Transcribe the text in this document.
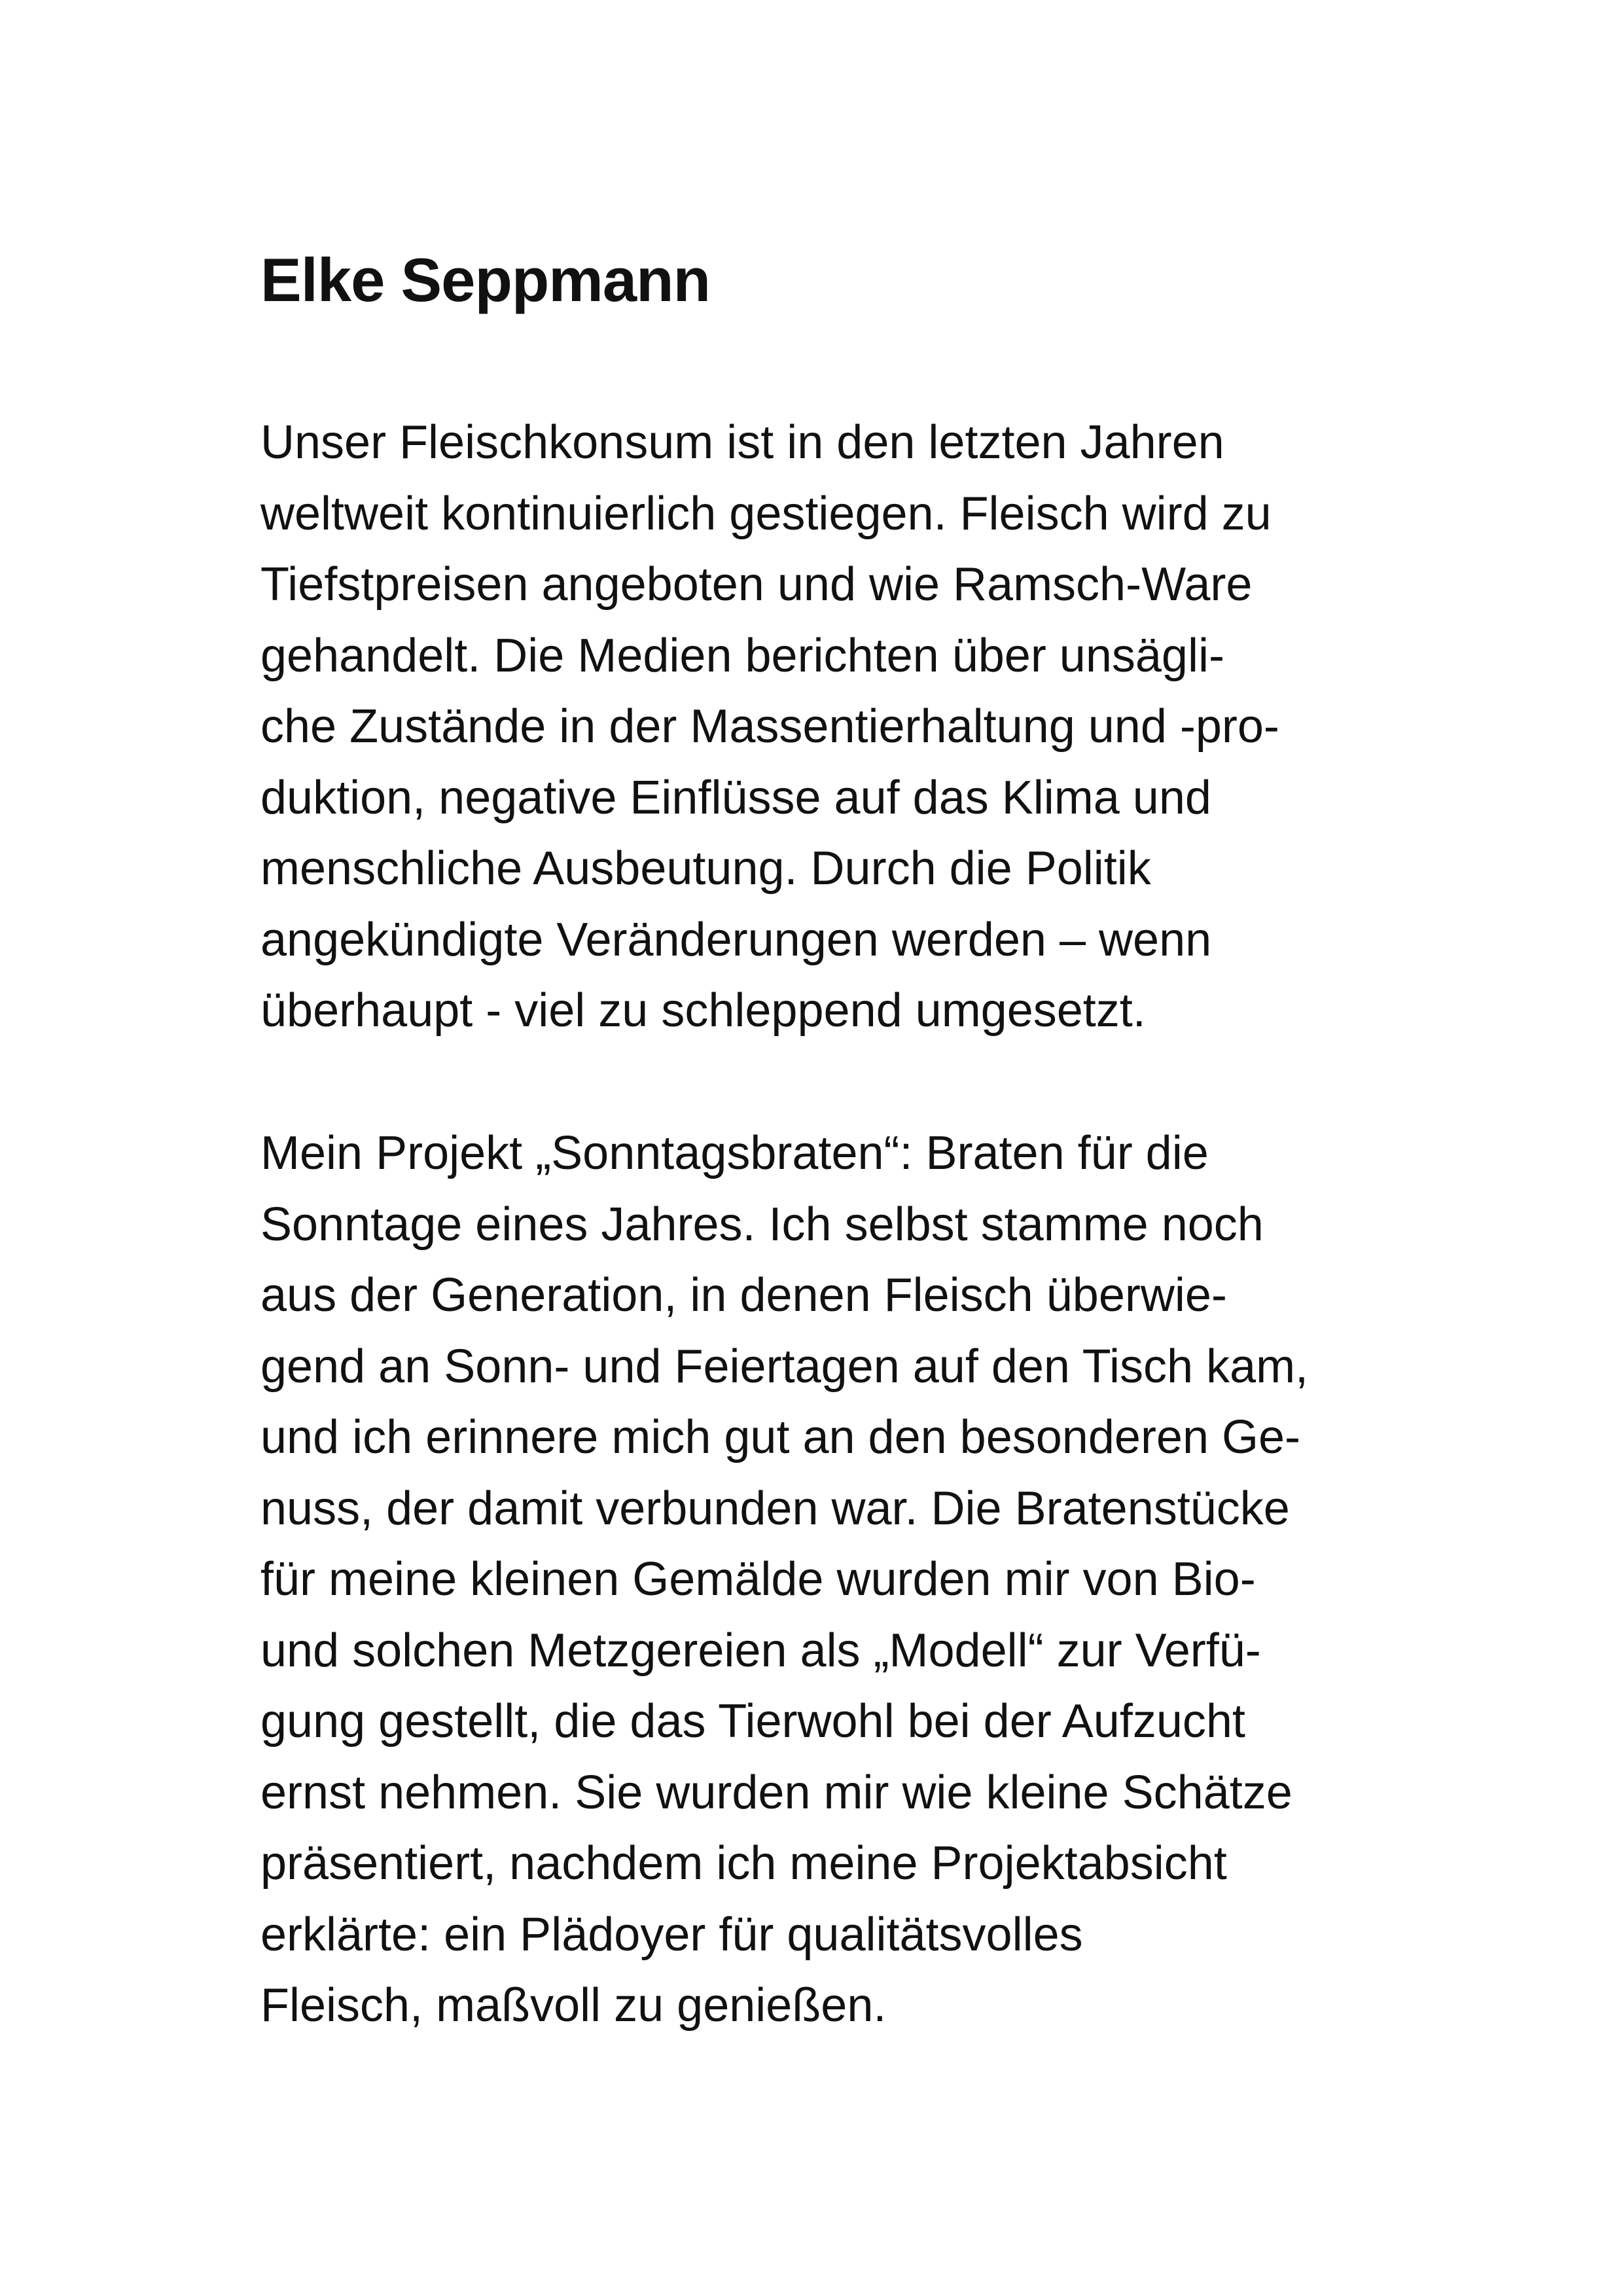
Elke Seppmann

Unser Fleischkonsum ist in den letzten Jahren
weltweit kontinuierlich gestiegen. Fleisch wird zu
Tiefstpreisen angeboten und wie Ramsch-Ware
gehandelt. Die Medien berichten über unsägli-
che Zustände in der Massentierhaltung und -pro-
duktion, negative Einflüsse auf das Klima und
menschliche Ausbeutung. Durch die Politik
angekündigte Veränderungen werden – wenn
überhaupt - viel zu schleppend umgesetzt.

Mein Projekt „Sonntagsbraten“: Braten für die
Sonntage eines Jahres. Ich selbst stamme noch
aus der Generation, in denen Fleisch überwie-
gend an Sonn- und Feiertagen auf den Tisch kam,
und ich erinnere mich gut an den besonderen Ge-
nuss, der damit verbunden war. Die Bratenstücke
für meine kleinen Gemälde wurden mir von Bio-
und solchen Metzgereien als „Modell“ zur Verfü-
gung gestellt, die das Tierwohl bei der Aufzucht
ernst nehmen. Sie wurden mir wie kleine Schätze
präsentiert, nachdem ich meine Projektabsicht
erklärte: ein Plädoyer für qualitätsvolles
Fleisch, maßvoll zu genießen.
